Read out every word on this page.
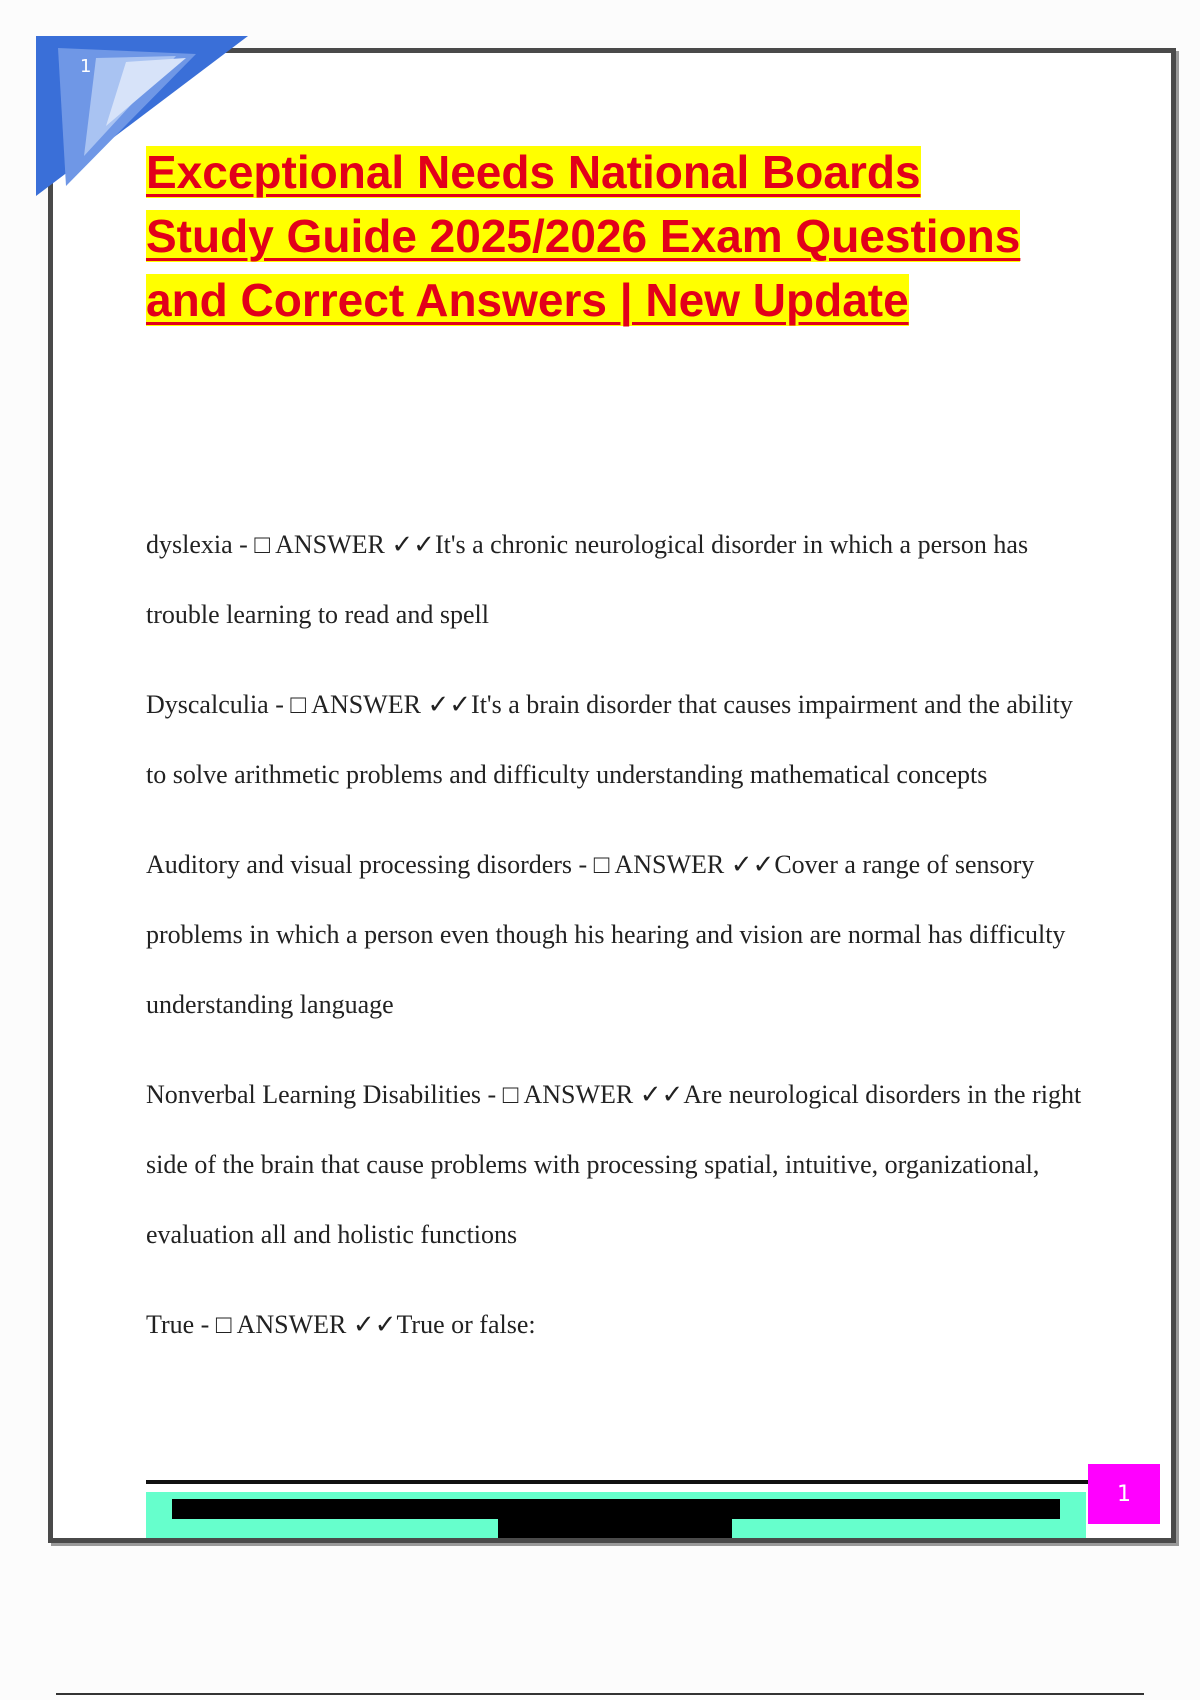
1
Exceptional Needs National Boards
Study Guide 2025/2026 Exam Questions
and Correct Answers | New Update

dyslexia - □ ANSWER ✓✓It's a chronic neurological disorder in which a person has trouble learning to read and spell

Dyscalculia - □ ANSWER ✓✓It's a brain disorder that causes impairment and the ability to solve arithmetic problems and difficulty understanding mathematical concepts

Auditory and visual processing disorders - □ ANSWER ✓✓Cover a range of sensory problems in which a person even though his hearing and vision are normal has difficulty understanding language

Nonverbal Learning Disabilities - □ ANSWER ✓✓Are neurological disorders in the right side of the brain that cause problems with processing spatial, intuitive, organizational, evaluation all and holistic functions

True - □ ANSWER ✓✓True or false:

1
